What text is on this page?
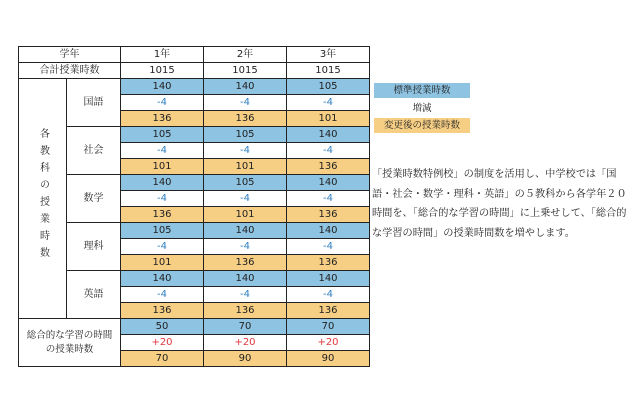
学年		1年	2年	3年
合計授業時数		1015	1015	1015
各教科の授業時数	国語	140	140	105
		-4	-4	-4
		136	136	101
	社会	105	105	140
		-4	-4	-4
		101	101	136
	数学	140	105	140
		-4	-4	-4
		136	101	136
	理科	105	140	140
		-4	-4	-4
		101	136	136
	英語	140	140	140
		-4	-4	-4
		136	136	136
総合的な学習の時間
の授業時数		50	70	70
		+20	+20	+20
		70	90	90
標準授業時数
増減
変更後の授業時数
「授業時数特例校」の制度を活用し、中学校では「国語・社会・数学・理科・英語」の５教科から各学年２０時間を、「総合的な学習の時間」に上乗せして、「総合的な学習の時間」の授業時間数を増やします。
